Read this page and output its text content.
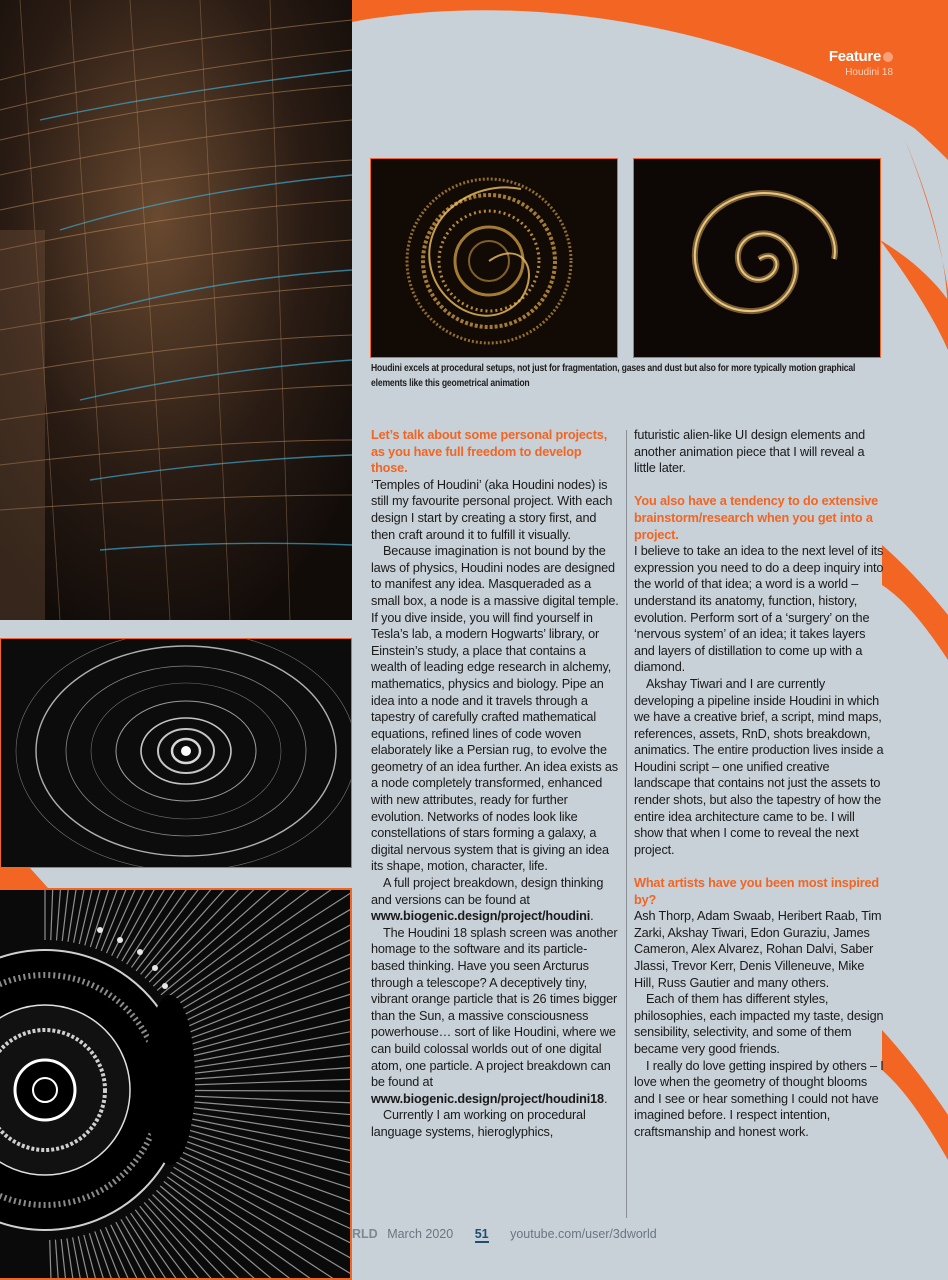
Feature
Houdini 18
Houdini excels at procedural setups, not just for fragmentation, gases and dust but also for more typically motion graphical elements like this geometrical animation

Let’s talk about some personal projects, as you have full freedom to develop those.

‘Temples of Houdini’ (aka Houdini nodes) is still my favourite personal project. With each design I start by creating a story first, and then craft around it to fulfill it visually.

Because imagination is not bound by the laws of physics, Houdini nodes are designed to manifest any idea. Masqueraded as a small box, a node is a massive digital temple. If you dive inside, you will find yourself in Tesla’s lab, a modern Hogwarts’ library, or Einstein’s study, a place that contains a wealth of leading edge research in alchemy, mathematics, physics and biology. Pipe an idea into a node and it travels through a tapestry of carefully crafted mathematical equations, refined lines of code woven elaborately like a Persian rug, to evolve the geometry of an idea further. An idea exists as a node completely transformed, enhanced with new attributes, ready for further evolution. Networks of nodes look like constellations of stars forming a galaxy, a digital nervous system that is giving an idea its shape, motion, character, life.

A full project breakdown, design thinking and versions can be found at www.biogenic.design/project/houdini.

The Houdini 18 splash screen was another homage to the software and its particle-based thinking. Have you seen Arcturus through a telescope? A deceptively tiny, vibrant orange particle that is 26 times bigger than the Sun, a massive consciousness powerhouse… sort of like Houdini, where we can build colossal worlds out of one digital atom, one particle. A project breakdown can be found at www.biogenic.design/project/houdini18.

Currently I am working on procedural language systems, hieroglyphics,

futuristic alien-like UI design elements and another animation piece that I will reveal a little later.

You also have a tendency to do extensive brainstorm/research when you get into a project.

I believe to take an idea to the next level of its expression you need to do a deep inquiry into the world of that idea; a word is a world – understand its anatomy, function, history, evolution. Perform sort of a ‘surgery’ on the ‘nervous system’ of an idea; it takes layers and layers of distillation to come up with a diamond.

Akshay Tiwari and I are currently developing a pipeline inside Houdini in which we have a creative brief, a script, mind maps, references, assets, RnD, shots breakdown, animatics. The entire production lives inside a Houdini script – one unified creative landscape that contains not just the assets to render shots, but also the tapestry of how the entire idea architecture came to be. I will show that when I come to reveal the next project.

What artists have you been most inspired by?

Ash Thorp, Adam Swaab, Heribert Raab, Tim Zarki, Akshay Tiwari, Edon Guraziu, James Cameron, Alex Alvarez, Rohan Dalvi, Saber Jlassi, Trevor Kerr, Denis Villeneuve, Mike Hill, Russ Gautier and many others.

Each of them has different styles, philosophies, each impacted my taste, design sensibility, selectivity, and some of them became very good friends.

I really do love getting inspired by others – I love when the geometry of thought blooms and I see or hear something I could not have imagined before. I respect intention, craftsmanship and honest work.

RLD March 2020 51 youtube.com/user/3dworld
